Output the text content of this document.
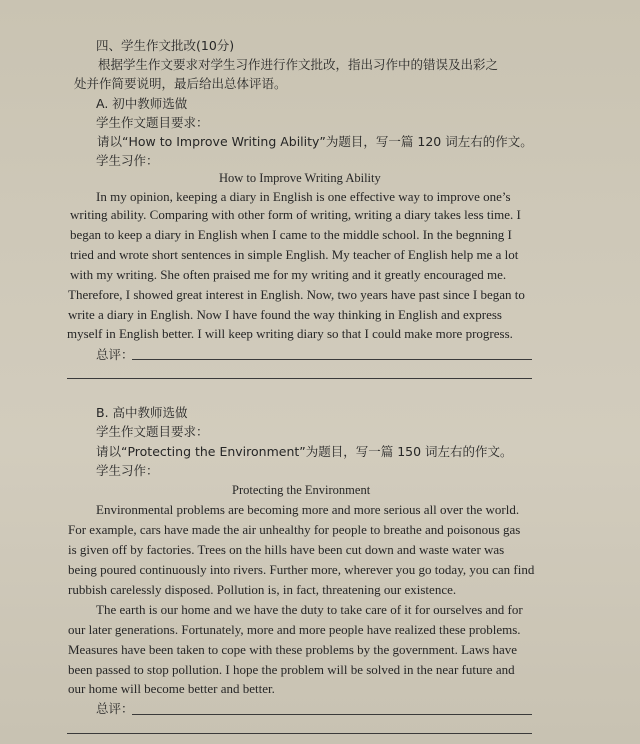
四、学生作文批改(10分)
根据学生作文要求对学生习作进行作文批改，指出习作中的错误及出彩之
处并作简要说明，最后给出总体评语。
A. 初中教师选做
学生作文题目要求：
请以“How to Improve Writing Ability”为题目，写一篇 120 词左右的作文。
学生习作：
How to Improve Writing Ability
In my opinion, keeping a diary in English is one effective way to improve one’s
writing ability. Comparing with other form of writing, writing a diary takes less time. I
began to keep a diary in English when I came to the middle school. In the begnning I
tried and wrote short sentences in simple English. My teacher of English help me a lot
with my writing. She often praised me for my writing and it greatly encouraged me.
Therefore, I showed great interest in English. Now, two years have past since I began to
write a diary in English. Now I have found the way thinking in English and express
myself in English better. I will keep writing diary so that I could make more progress.
总评：
B. 高中教师选做
学生作文题目要求：
请以“Protecting the Environment”为题目，写一篇 150 词左右的作文。
学生习作：
Protecting the Environment
Environmental problems are becoming more and more serious all over the world.
For example, cars have made the air unhealthy for people to breathe and poisonous gas
is given off by factories. Trees on the hills have been cut down and waste water was
being poured continuously into rivers. Further more, wherever you go today, you can find
rubbish carelessly disposed. Pollution is, in fact, threatening our existence.
The earth is our home and we have the duty to take care of it for ourselves and for
our later generations. Fortunately, more and more people have realized these problems.
Measures have been taken to cope with these problems by the government. Laws have
been passed to stop pollution. I hope the problem will be solved in the near future and
our home will become better and better.
总评：
